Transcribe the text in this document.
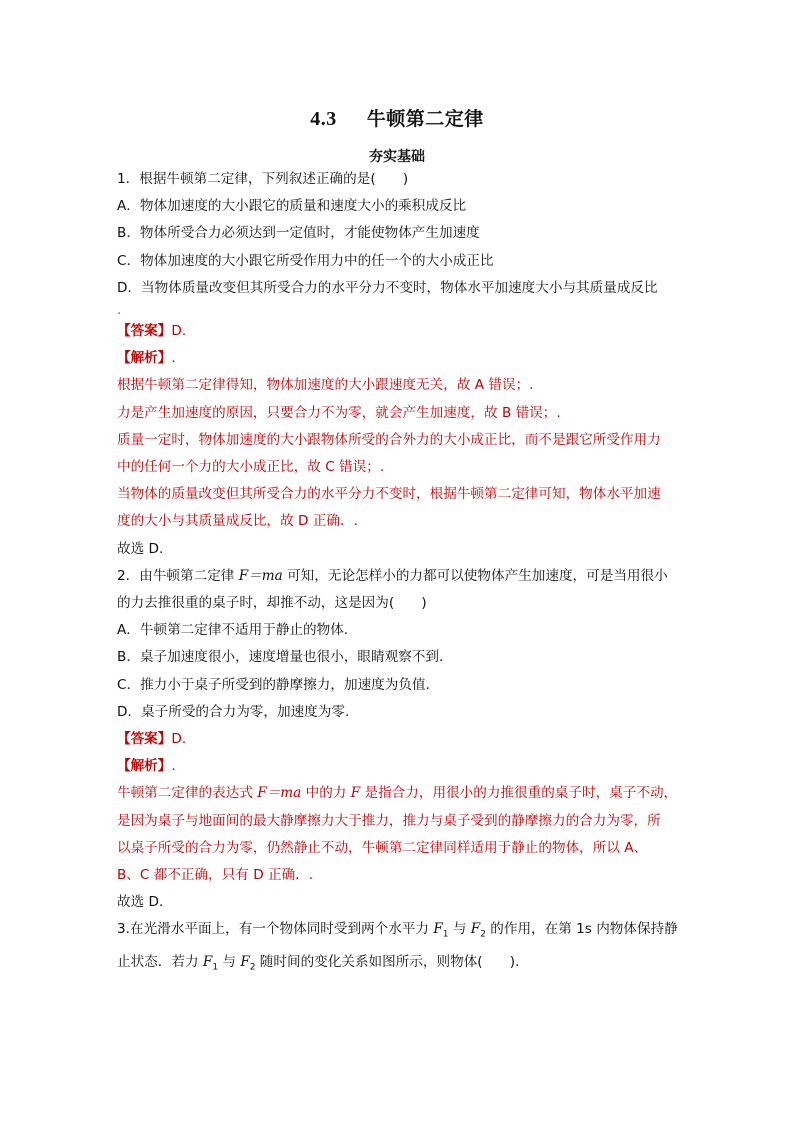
4.3 牛顿第二定律
夯实基础
1．根据牛顿第二定律，下列叙述正确的是(　　)
A．物体加速度的大小跟它的质量和速度大小的乘积成反比
B．物体所受合力必须达到一定值时，才能使物体产生加速度
C．物体加速度的大小跟它所受作用力中的任一个的大小成正比
D．当物体质量改变但其所受合力的水平分力不变时，物体水平加速度大小与其质量成反比
.
【答案】D.
【解析】.
根据牛顿第二定律得知，物体加速度的大小跟速度无关，故 A 错误；.
力是产生加速度的原因，只要合力不为零，就会产生加速度，故 B 错误；.
质量一定时，物体加速度的大小跟物体所受的合外力的大小成正比，而不是跟它所受作用力
中的任何一个力的大小成正比，故 C 错误；.
当物体的质量改变但其所受合力的水平分力不变时，根据牛顿第二定律可知，物体水平加速
度的大小与其质量成反比，故 D 正确．.
故选 D.
2．由牛顿第二定律 F＝ma 可知，无论怎样小的力都可以使物体产生加速度，可是当用很小
的力去推很重的桌子时，却推不动，这是因为(　　)
A．牛顿第二定律不适用于静止的物体.
B．桌子加速度很小，速度增量也很小，眼睛观察不到.
C．推力小于桌子所受到的静摩擦力，加速度为负值.
D．桌子所受的合力为零，加速度为零.
【答案】D.
【解析】.
牛顿第二定律的表达式 F＝ma 中的力 F 是指合力，用很小的力推很重的桌子时，桌子不动，
是因为桌子与地面间的最大静摩擦力大于推力，推力与桌子受到的静摩擦力的合力为零，所
以桌子所受的合力为零，仍然静止不动，牛顿第二定律同样适用于静止的物体，所以 A、
B、C 都不正确，只有 D 正确．.
故选 D.
3.在光滑水平面上，有一个物体同时受到两个水平力 $F_1$ 与 $F_2$ 的作用，在第 1s 内物体保持静
止状态．若力 $F_1$ 与 $F_2$ 随时间的变化关系如图所示，则物体(　　).
